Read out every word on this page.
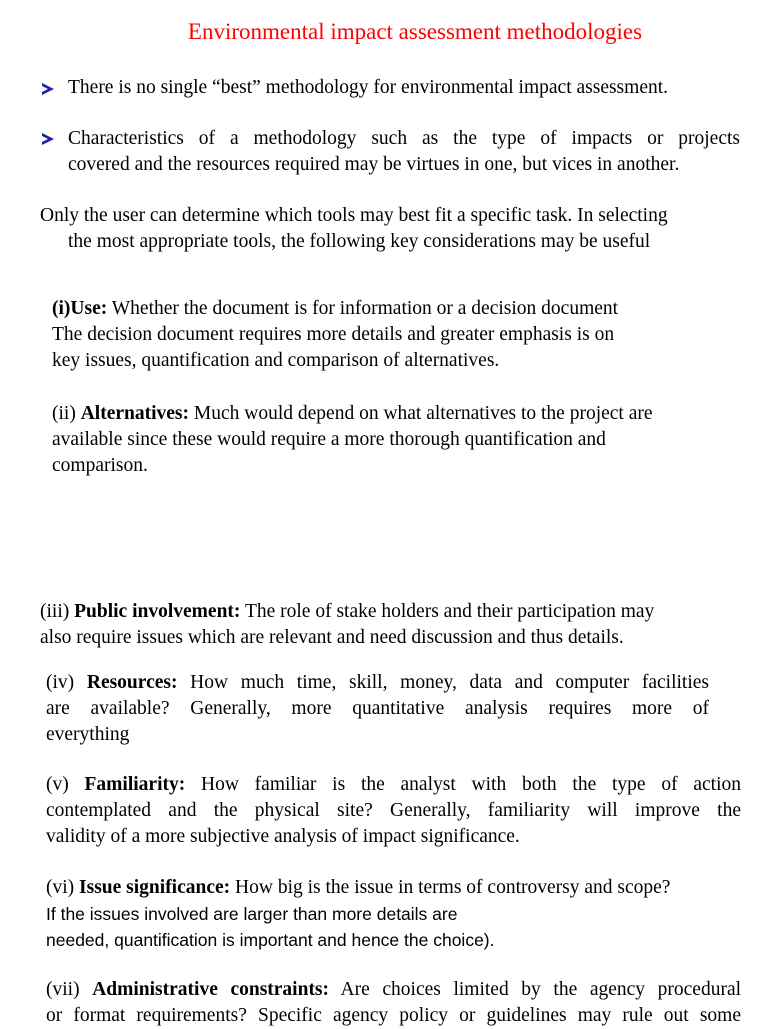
Environmental impact assessment methodologies
There is no single “best” methodology for environmental impact assessment.
Characteristics of a methodology such as the type of impacts or projects
covered and the resources required may be virtues in one, but vices in another.
Only the user can determine which tools may best fit a specific task. In selecting
the most appropriate tools, the following key considerations may be useful
(i)Use: Whether the document is for information or a decision document
The decision document requires more details and greater emphasis is on
key issues, quantification and comparison of alternatives.
(ii) Alternatives: Much would depend on what alternatives to the project are
available since these would require a more thorough quantification and
comparison.
(iii) Public involvement: The role of stake holders and their participation may
also require issues which are relevant and need discussion and thus details.
(iv) Resources: How much time, skill, money, data and computer facilities
are available? Generally, more quantitative analysis requires more of
everything
(v) Familiarity: How familiar is the analyst with both the type of action
contemplated and the physical site? Generally, familiarity will improve the
validity of a more subjective analysis of impact significance.
(vi) Issue significance: How big is the issue in terms of controversy and scope?
If the issues involved are larger than more details are
needed, quantification is important and hence the choice).
(vii) Administrative constraints: Are choices limited by the agency procedural
or format requirements? Specific agency policy or guidelines may rule out some
